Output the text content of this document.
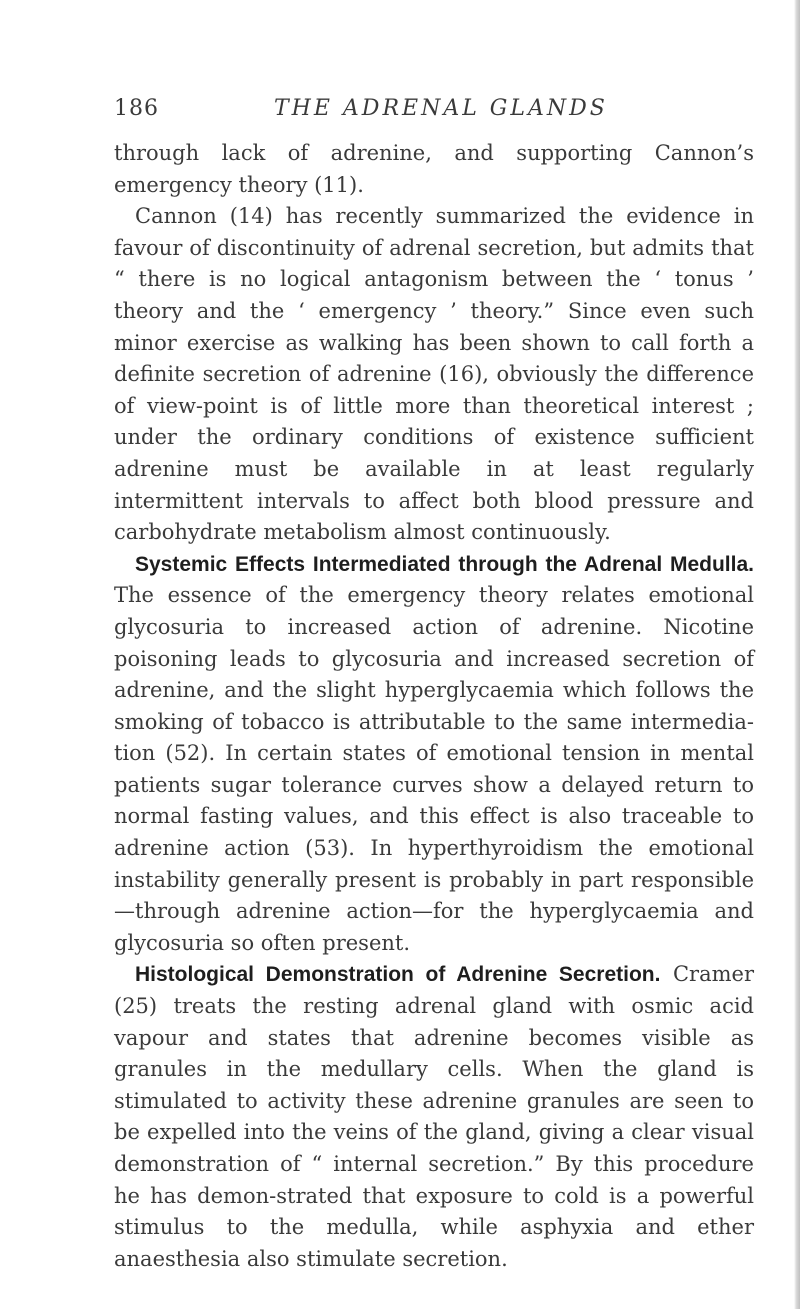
186	THE ADRENAL GLANDS

through lack of adrenine, and supporting Cannon’s emergency theory (11).

Cannon (14) has recently summarized the evidence in favour of discontinuity of adrenal secretion, but admits that “ there is no logical antagonism between the ‘ tonus ’ theory and the ‘ emergency ’ theory.” Since even such minor exercise as walking has been shown to call forth a definite secretion of adrenine (16), obviously the difference of view-point is of little more than theoretical interest ; under the ordinary conditions of existence sufficient adrenine must be available in at least regularly intermittent intervals to affect both blood pressure and carbohydrate metabolism almost continuously.

Systemic Effects Intermediated through the Adrenal Medulla. The essence of the emergency theory relates emotional glycosuria to increased action of adrenine. Nicotine poisoning leads to glycosuria and increased secretion of adrenine, and the slight hyperglycaemia which follows the smoking of tobacco is attributable to the same intermedia-tion (52). In certain states of emotional tension in mental patients sugar tolerance curves show a delayed return to normal fasting values, and this effect is also traceable to adrenine action (53). In hyperthyroidism the emotional instability generally present is probably in part responsible —through adrenine action—for the hyperglycaemia and glycosuria so often present.

Histological Demonstration of Adrenine Secretion. Cramer (25) treats the resting adrenal gland with osmic acid vapour and states that adrenine becomes visible as granules in the medullary cells. When the gland is stimulated to activity these adrenine granules are seen to be expelled into the veins of the gland, giving a clear visual demonstration of “ internal secretion.” By this procedure he has demon-strated that exposure to cold is a powerful stimulus to the medulla, while asphyxia and ether anaesthesia also stimulate secretion.
